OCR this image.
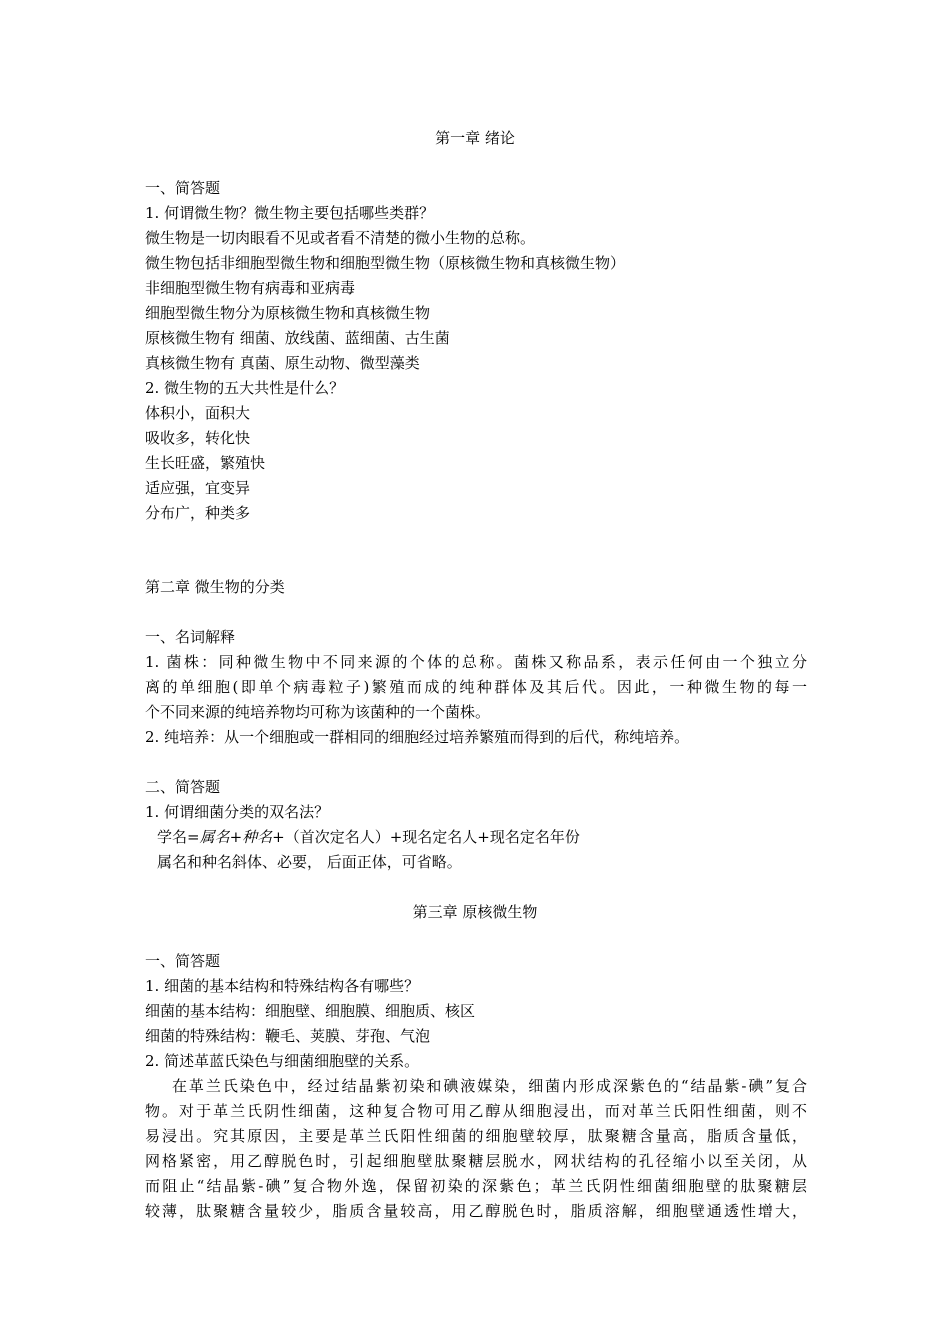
第一章 绪论
一、简答题
1. 何谓微生物？微生物主要包括哪些类群？
微生物是一切肉眼看不见或者看不清楚的微小生物的总称。
微生物包括非细胞型微生物和细胞型微生物（原核微生物和真核微生物）
非细胞型微生物有病毒和亚病毒
细胞型微生物分为原核微生物和真核微生物
原核微生物有 细菌、放线菌、蓝细菌、古生菌
真核微生物有 真菌、原生动物、微型藻类
2. 微生物的五大共性是什么？
体积小，面积大
吸收多，转化快
生长旺盛，繁殖快
适应强，宜变异
分布广，种类多
第二章 微生物的分类
一、名词解释
1. 菌株：同种微生物中不同来源的个体的总称。菌株又称品系，表示任何由一个独立分
离的单细胞(即单个病毒粒子)繁殖而成的纯种群体及其后代。因此，一种微生物的每一
个不同来源的纯培养物均可称为该菌种的一个菌株。
2. 纯培养：从一个细胞或一群相同的细胞经过培养繁殖而得到的后代，称纯培养。
二、简答题
1. 何谓细菌分类的双名法？
学名=属名+种名+（首次定名人）+现名定名人+现名定名年份
属名和种名斜体、必要， 后面正体，可省略。
第三章 原核微生物
一、简答题
1. 细菌的基本结构和特殊结构各有哪些？
细菌的基本结构：细胞壁、细胞膜、细胞质、核区
细菌的特殊结构：鞭毛、荚膜、芽孢、气泡
2. 简述革蓝氏染色与细菌细胞壁的关系。
在革兰氏染色中，经过结晶紫初染和碘液媒染，细菌内形成深紫色的“结晶紫-碘”复合
物。对于革兰氏阴性细菌，这种复合物可用乙醇从细胞浸出，而对革兰氏阳性细菌，则不
易浸出。究其原因，主要是革兰氏阳性细菌的细胞壁较厚，肽聚糖含量高，脂质含量低，
网格紧密，用乙醇脱色时，引起细胞壁肽聚糖层脱水，网状结构的孔径缩小以至关闭，从
而阻止“结晶紫-碘”复合物外逸，保留初染的深紫色；革兰氏阴性细菌细胞壁的肽聚糖层
较薄，肽聚糖含量较少，脂质含量较高，用乙醇脱色时，脂质溶解，细胞壁通透性增大，
